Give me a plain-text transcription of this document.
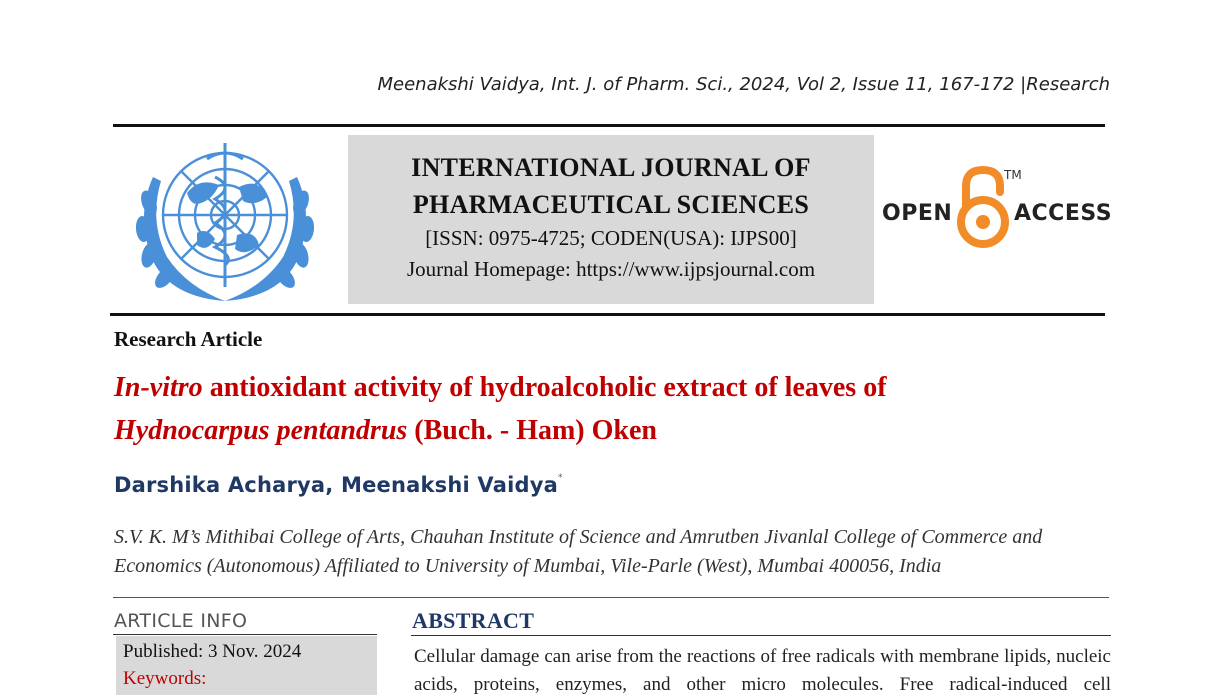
Meenakshi Vaidya, Int. J. of Pharm. Sci., 2024, Vol 2, Issue 11, 167-172 |Research
INTERNATIONAL JOURNAL OF
PHARMACEUTICAL SCIENCES
[ISSN: 0975-4725; CODEN(USA): IJPS00]
Journal Homepage: https://www.ijpsjournal.com
OPEN
TM
ACCESS
Research Article
In-vitro antioxidant activity of hydroalcoholic extract of leaves of
Hydnocarpus pentandrus (Buch. - Ham) Oken
Darshika Acharya, Meenakshi Vaidya*
S.V. K. M’s Mithibai College of Arts, Chauhan Institute of Science and Amrutben Jivanlal College of Commerce and Economics (Autonomous) Affiliated to University of Mumbai, Vile-Parle (West), Mumbai 400056, India
ARTICLE INFO
Published: 3 Nov. 2024
Keywords:
ABSTRACT
Cellular damage can arise from the reactions of free radicals with membrane lipids, nucleic acids, proteins, enzymes, and other micro molecules. Free radical-induced cell
